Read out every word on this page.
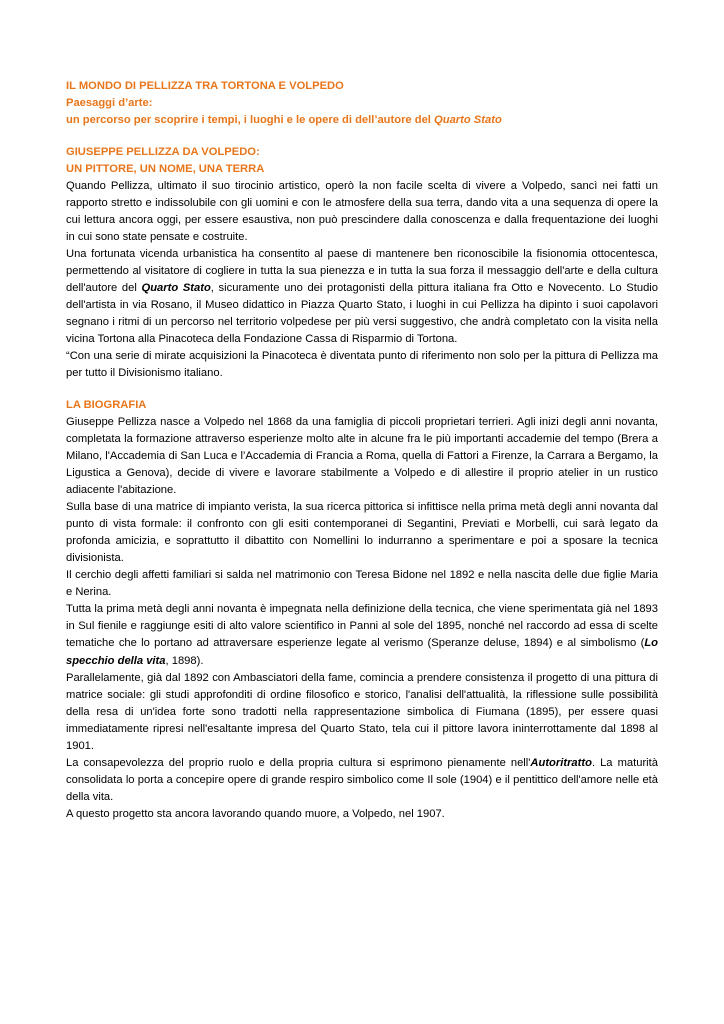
IL MONDO DI PELLIZZA TRA TORTONA E VOLPEDO
Paesaggi d’arte:
un percorso per scoprire i tempi, i luoghi e le opere di dell’autore del Quarto Stato
GIUSEPPE PELLIZZA DA VOLPEDO:
UN PITTORE, UN NOME, UNA TERRA

Quando Pellizza, ultimato il suo tirocinio artistico, operò la non facile scelta di vivere a Volpedo, sancì nei fatti un rapporto stretto e indissolubile con gli uomini e con le atmosfere della sua terra, dando vita a una sequenza di opere la cui lettura ancora oggi, per essere esaustiva, non può prescindere dalla conoscenza e dalla frequentazione dei luoghi in cui sono state pensate e costruite.

Una fortunata vicenda urbanistica ha consentito al paese di mantenere ben riconoscibile la fisionomia ottocentesca, permettendo al visitatore di cogliere in tutta la sua pienezza e in tutta la sua forza il messaggio dell'arte e della cultura dell'autore del Quarto Stato, sicuramente uno dei protagonisti della pittura italiana fra Otto e Novecento. Lo Studio dell'artista in via Rosano, il Museo didattico in Piazza Quarto Stato, i luoghi in cui Pellizza ha dipinto i suoi capolavori segnano i ritmi di un percorso nel territorio volpedese per più versi suggestivo, che andrà completato con la visita nella vicina Tortona alla Pinacoteca della Fondazione Cassa di Risparmio di Tortona.

“Con una serie di mirate acquisizioni la Pinacoteca è diventata punto di riferimento non solo per la pittura di Pellizza ma per tutto il Divisionismo italiano.

LA BIOGRAFIA

Giuseppe Pellizza nasce a Volpedo nel 1868 da una famiglia di piccoli proprietari terrieri. Agli inizi degli anni novanta, completata la formazione attraverso esperienze molto alte in alcune fra le più importanti accademie del tempo (Brera a Milano, l'Accademia di San Luca e l’Accademia di Francia a Roma, quella di Fattori a Firenze, la Carrara a Bergamo, la Ligustica a Genova), decide di vivere e lavorare stabilmente a Volpedo e di allestire il proprio atelier in un rustico adiacente l'abitazione.

Sulla base di una matrice di impianto verista, la sua ricerca pittorica si infittisce nella prima metà degli anni novanta dal punto di vista formale: il confronto con gli esiti contemporanei di Segantini, Previati e Morbelli, cui sarà legato da profonda amicizia, e soprattutto il dibattito con Nomellini lo indurranno a sperimentare e poi a sposare la tecnica divisionista.

Il cerchio degli affetti familiari si salda nel matrimonio con Teresa Bidone nel 1892 e nella nascita delle due figlie Maria e Nerina.

Tutta la prima metà degli anni novanta è impegnata nella definizione della tecnica, che viene sperimentata già nel 1893 in Sul fienile e raggiunge esiti di alto valore scientifico in Panni al sole del 1895, nonché nel raccordo ad essa di scelte tematiche che lo portano ad attraversare esperienze legate al verismo (Speranze deluse, 1894) e al simbolismo (Lo specchio della vita, 1898).

Parallelamente, già dal 1892 con Ambasciatori della fame, comincia a prendere consistenza il progetto di una pittura di matrice sociale: gli studi approfonditi di ordine filosofico e storico, l'analisi dell'attualità, la riflessione sulle possibilità della resa di un'idea forte sono tradotti nella rappresentazione simbolica di Fiumana (1895), per essere quasi immediatamente ripresi nell'esaltante impresa del Quarto Stato, tela cui il pittore lavora ininterrottamente dal 1898 al 1901.

La consapevolezza del proprio ruolo e della propria cultura si esprimono pienamente nell'Autoritratto. La maturità consolidata lo porta a concepire opere di grande respiro simbolico come Il sole (1904) e il pentittico dell'amore nelle età della vita.

A questo progetto sta ancora lavorando quando muore, a Volpedo, nel 1907.
